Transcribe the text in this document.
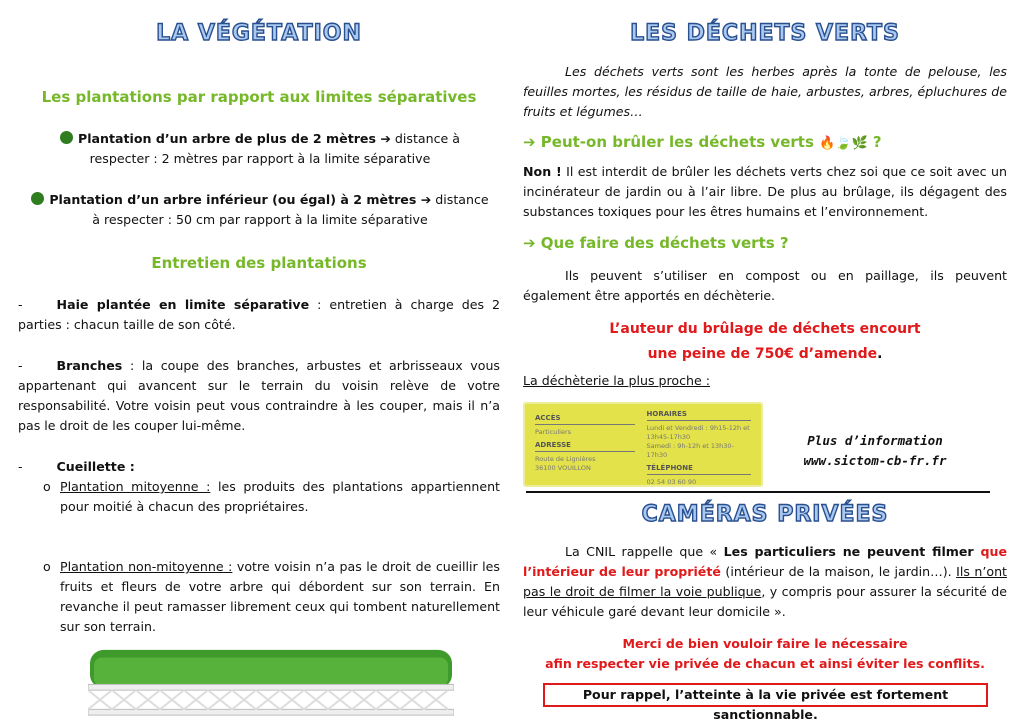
LA VÉGÉTATION
Les plantations par rapport aux limites séparatives
Plantation d’un arbre de plus de 2 mètres ➔ distance à respecter : 2 mètres par rapport à la limite séparative
Plantation d’un arbre inférieur (ou égal) à 2 mètres ➔ distance à respecter : 50 cm par rapport à la limite séparative
Entretien des plantations
-	Haie plantée en limite séparative : entretien à charge des 2 parties : chacun taille de son côté.
-	Branches : la coupe des branches, arbustes et arbrisseaux vous appartenant qui avancent sur le terrain du voisin relève de votre responsabilité. Votre voisin peut vous contraindre à les couper, mais il n’a pas le droit de les couper lui-même.
-	Cueillette :
o Plantation mitoyenne : les produits des plantations appartiennent pour moitié à chacun des propriétaires.
o Plantation non-mitoyenne : votre voisin n’a pas le droit de cueillir les fruits et fleurs de votre arbre qui débordent sur son terrain. En revanche il peut ramasser librement ceux qui tombent naturellement sur son terrain.
LES DÉCHETS VERTS
Les déchets verts sont les herbes après la tonte de pelouse, les feuilles mortes, les résidus de taille de haie, arbustes, arbres, épluchures de fruits et légumes…
➔ Peut-on brûler les déchets verts 🔥🍃🌿 ?
Non ! Il est interdit de brûler les déchets verts chez soi que ce soit avec un incinérateur de jardin ou à l’air libre. De plus au brûlage, ils dégagent des substances toxiques pour les êtres humains et l’environnement.
➔ Que faire des déchets verts ?
Ils peuvent s’utiliser en compost ou en paillage, ils peuvent également être apportés en déchèterie.
L’auteur du brûlage de déchets encourt
une peine de 750€ d’amende.
La déchèterie la plus proche :
ACCÈS
Particuliers
ADRESSE
Route de Lignières
36100 VOUILLON
HORAIRES
Lundi et Vendredi : 9h15-12h et 13h45-17h30
Samedi : 9h-12h et 13h30-17h30
TÉLÉPHONE
02 54 03 60 90
Plus d’information
www.sictom-cb-fr.fr
CAMÉRAS PRIVÉES
La CNIL rappelle que « Les particuliers ne peuvent filmer que l’intérieur de leur propriété (intérieur de la maison, le jardin…). Ils n’ont pas le droit de filmer la voie publique, y compris pour assurer la sécurité de leur véhicule garé devant leur domicile ».
Merci de bien vouloir faire le nécessaire
afin respecter vie privée de chacun et ainsi éviter les conflits.
Pour rappel, l’atteinte à la vie privée est fortement sanctionnable.
